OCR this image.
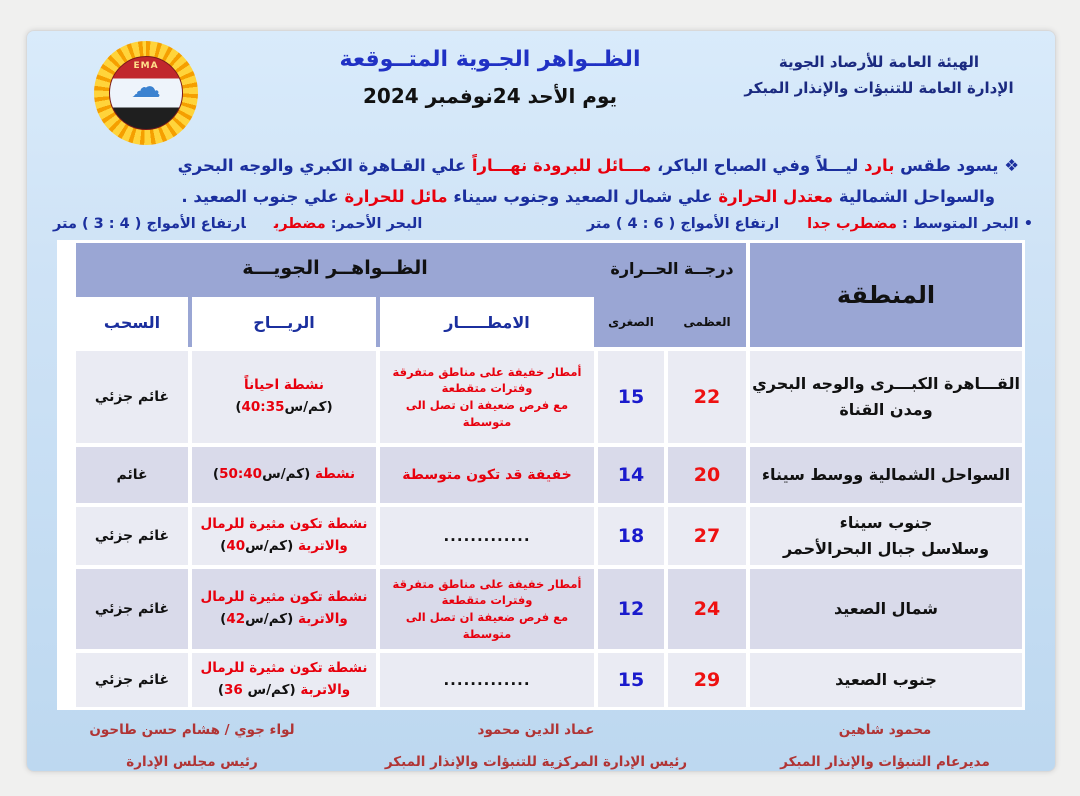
الهيئة العامة للأرصاد الجوية
الإدارة العامة للتنبؤات والإنذار المبكر
الظــواهر الجـوية المتــوقعة
يوم الأحد 24نوفمبر 2024
EMA
☁
❖ يسود طقس بارد ليـــلاً وفي الصباح الباكر، مـــائل للبرودة نهـــاراً علي القـاهرة الكبري والوجه البحري
والسواحل الشمالية معتدل الحرارة علي شمال الصعيد وجنوب سيناء مائل للحرارة علي جنوب الصعيد .
• البحر المتوسط : مضطرب جداارتفاع الأمواج ( 4 : 6 ) متر
البحر الأحمر: مضطربارتفاع الأمواج ( 3 : 4 ) متر
المنطقة
درجــة الحــرارة
الظــواهــر الجويـــة
العظمى
الصغرى
الامطـــــار
الريـــاح
السحب
القـــاهرة الكبـــرى والوجه البحري
ومدن القناة
22
15
أمطار خفيفة على مناطق متفرقة
وفترات متقطعة
مع فرص ضعيفة ان تصل الى متوسطة
نشطة احياناً
(40:35كم/س)
غائم جزئي
السواحل الشمالية ووسط سيناء
20
14
خفيفة قد تكون متوسطة
نشطة (50:40كم/س)
غائم
جنوب سيناء
وسلاسل جبال البحرالأحمر
27
18
.............
نشطة تكون مثيرة للرمال والاتربة (40كم/س)
غائم جزئي
شمال الصعيد
24
12
أمطار خفيفة على مناطق متفرقة
وفترات متقطعة
مع فرص ضعيفة ان تصل الى متوسطة
نشطة تكون مثيرة للرمال والاتربة (42كم/س)
غائم جزئي
جنوب الصعيد
29
15
.............
نشطة تكون مثيرة للرمال والاتربة (36 كم/س)
غائم جزئي
محمود شاهين
مديرعام التنبؤات والإنذار المبكر
عماد الدين محمود
رئيس الإدارة المركزية للتنبؤات والإنذار المبكر
لواء جوي / هشام حسن طاحون
رئيس مجلس الإدارة
